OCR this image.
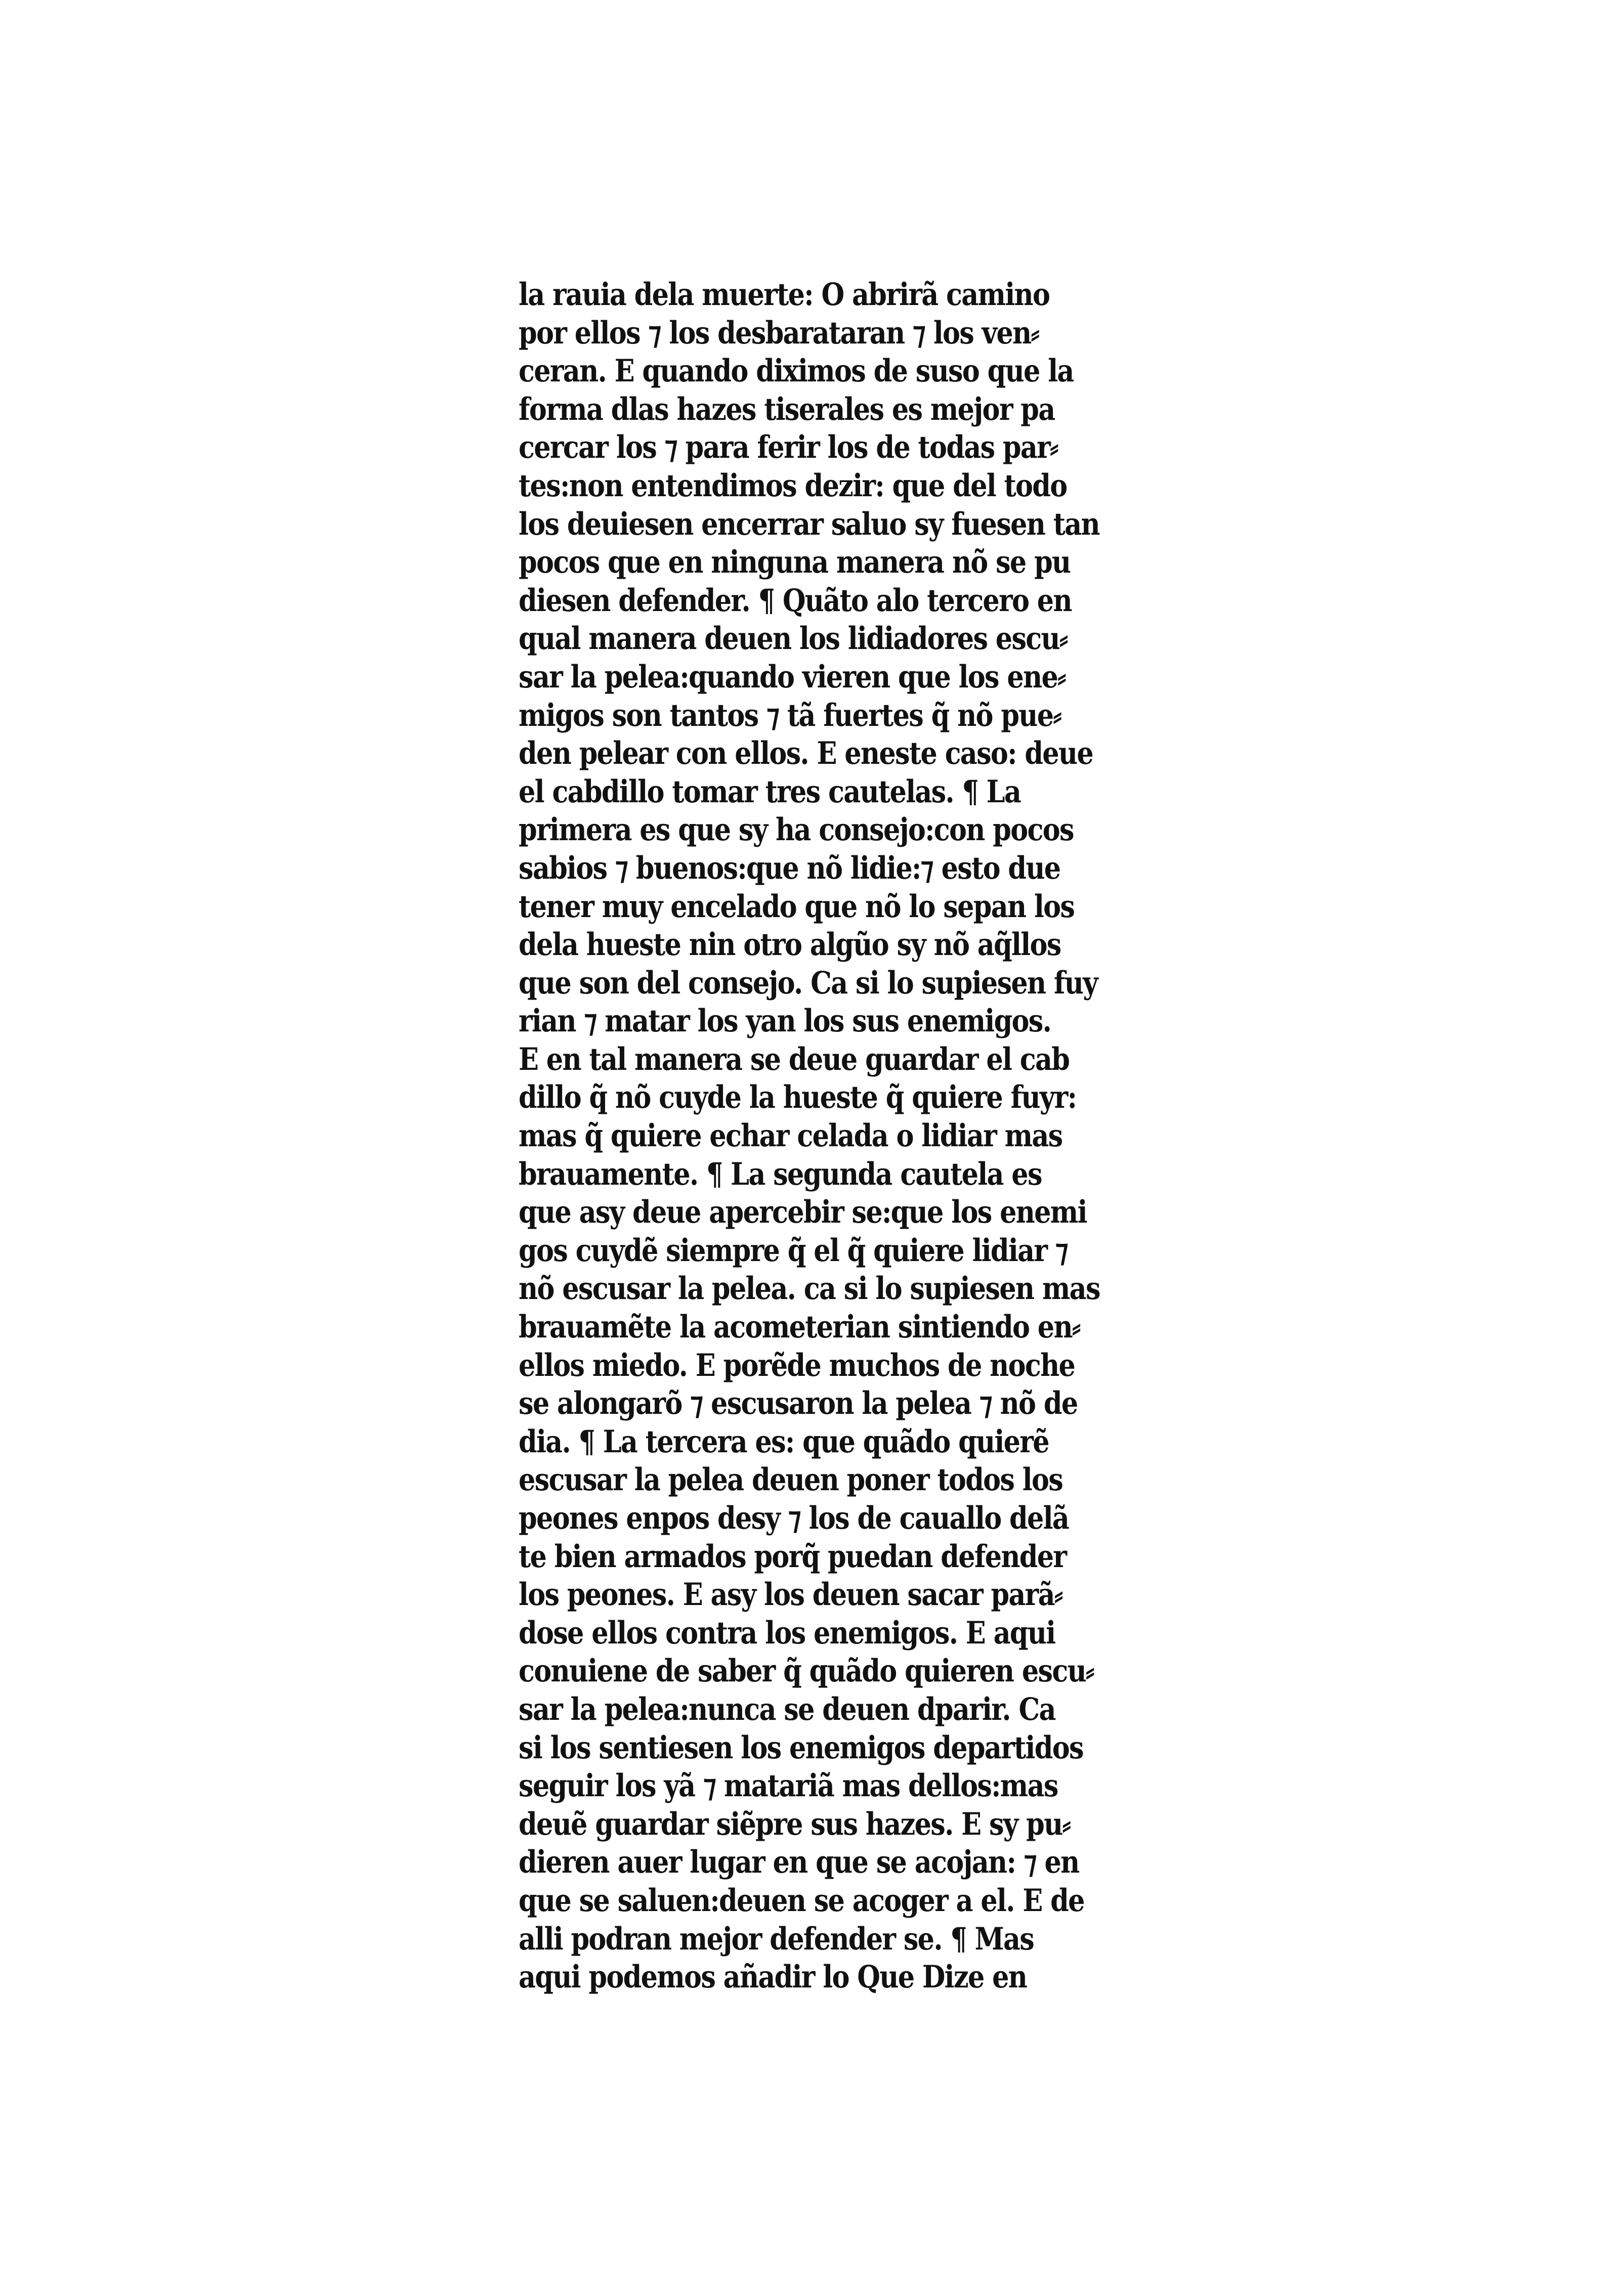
la rauia dela muerte: O abrirã camino
por ellos ⁊ los desbarataran ⁊ los ven⸗
ceran. E quando diximos de suso que la
forma dlas hazes tiserales es mejor pa
cercar los ⁊ para ferir los de todas par⸗
tes:non entendimos dezir: que del todo
los deuiesen encerrar saluo sy fuesen tan
pocos que en ninguna manera nõ se pu
diesen defender. ¶ Quãto alo tercero en
qual manera deuen los lidiadores escu⸗
sar la pelea:quando vieren que los ene⸗
migos son tantos ⁊ tã fuertes q̃ nõ pue⸗
den pelear con ellos. E eneste caso: deue
el cabdillo tomar tres cautelas. ¶ La
primera es que sy ha consejo:con pocos
sabios ⁊ buenos:que nõ lidie:⁊ esto due
tener muy encelado que nõ lo sepan los
dela hueste nin otro algũo sy nõ aq̃llos
que son del consejo. Ca si lo supiesen fuy
rian ⁊ matar los yan los sus enemigos.
E en tal manera se deue guardar el cab
dillo q̃ nõ cuyde la hueste q̃ quiere fuyr:
mas q̃ quiere echar celada o lidiar mas
brauamente. ¶ La segunda cautela es
que asy deue apercebir se:que los enemi
gos cuydẽ siempre q̃ el q̃ quiere lidiar ⁊
nõ escusar la pelea. ca si lo supiesen mas
brauamẽte la acometerian sintiendo en⸗
ellos miedo. E porẽde muchos de noche
se alongarõ ⁊ escusaron la pelea ⁊ nõ de
dia. ¶ La tercera es: que quãdo quierẽ
escusar la pelea deuen poner todos los
peones enpos desy ⁊ los de cauallo delã
te bien armados porq̃ puedan defender
los peones. E asy los deuen sacar parã⸗
dose ellos contra los enemigos. E aqui
conuiene de saber q̃ quãdo quieren escu⸗
sar la pelea:nunca se deuen dparir. Ca
si los sentiesen los enemigos departidos
seguir los yã ⁊ matariã mas dellos:mas
deuẽ guardar siẽpre sus hazes. E sy pu⸗
dieren auer lugar en que se acojan: ⁊ en
que se saluen:deuen se acoger a el. E de
alli podran mejor defender se. ¶ Mas
aqui podemos añadir lo Que Dize en
